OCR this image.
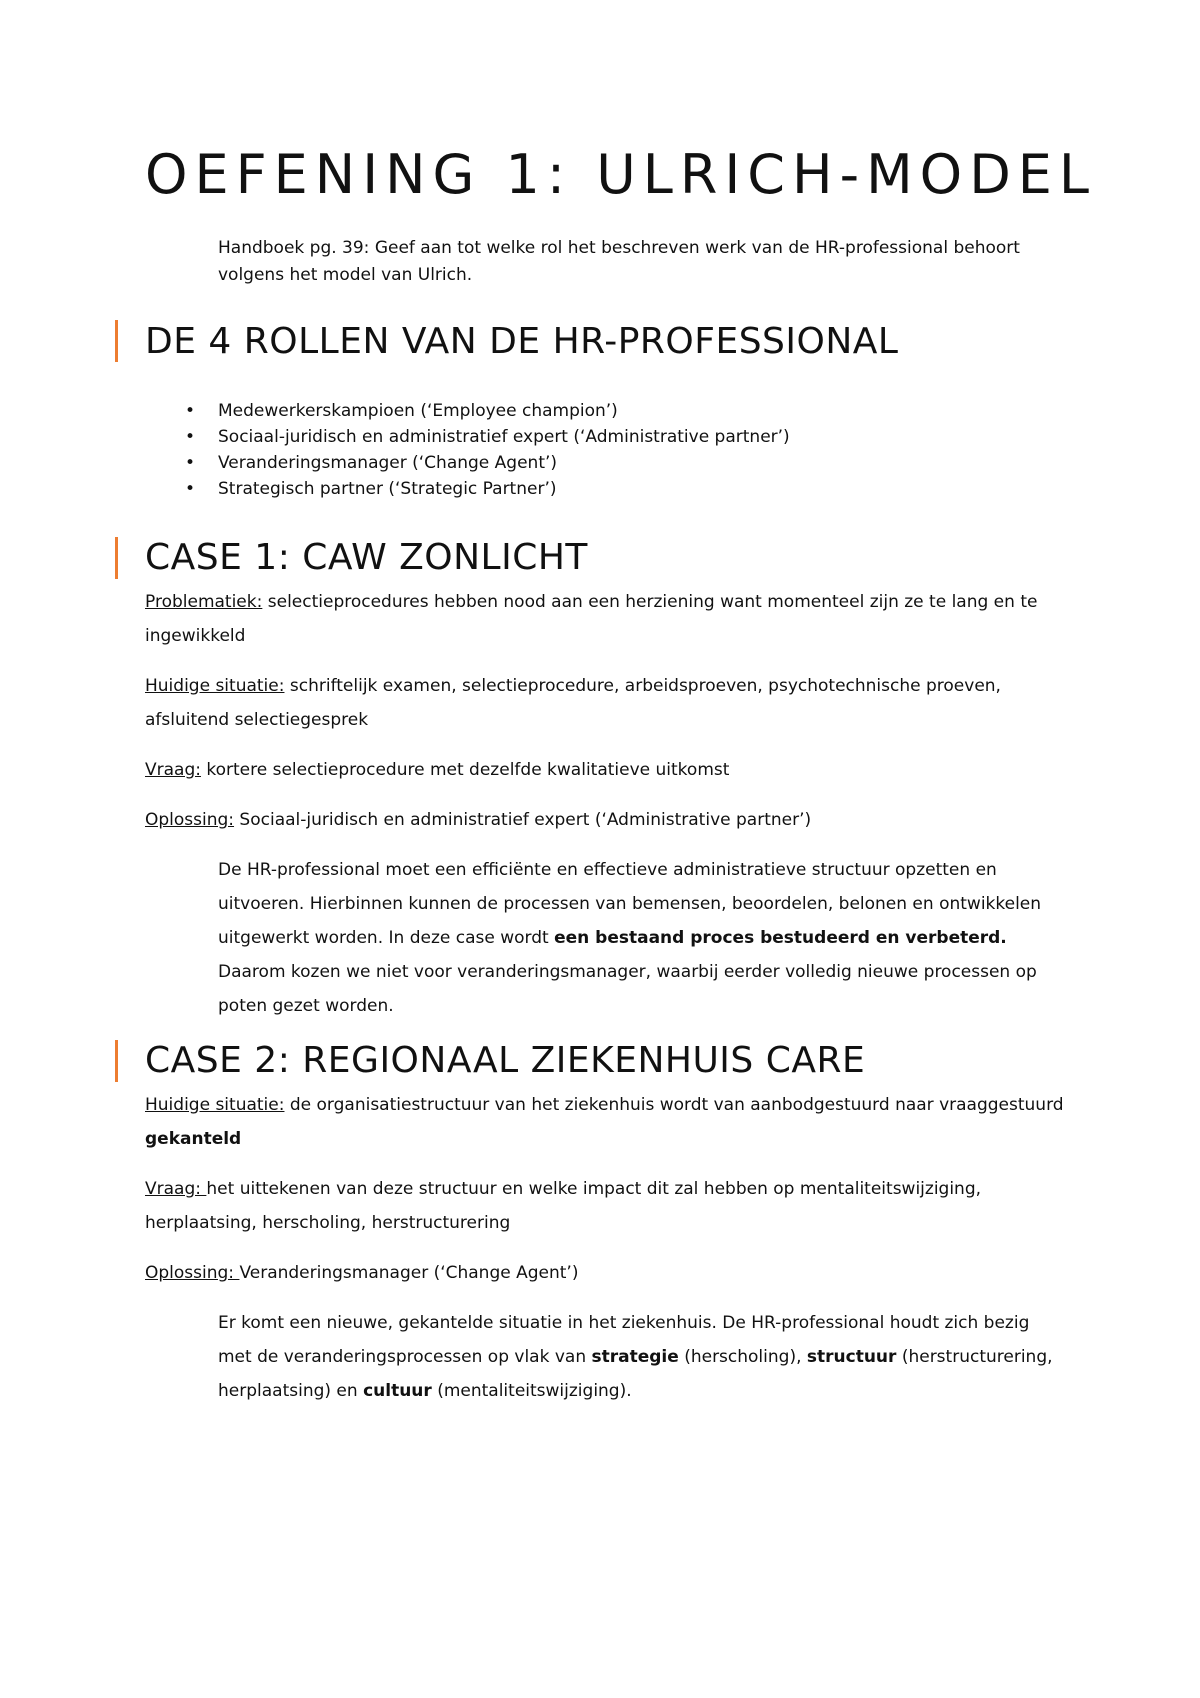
OEFENING 1: ULRICH-MODEL
Handboek pg. 39: Geef aan tot welke rol het beschreven werk van de HR-professional behoort volgens het model van Ulrich.
DE 4 ROLLEN VAN DE HR-PROFESSIONAL
• Medewerkerskampioen (‘Employee champion’)
• Sociaal-juridisch en administratief expert (‘Administrative partner’)
• Veranderingsmanager (‘Change Agent’)
• Strategisch partner (‘Strategic Partner’)
CASE 1: CAW ZONLICHT
Problematiek: selectieprocedures hebben nood aan een herziening want momenteel zijn ze te lang en te ingewikkeld
Huidige situatie: schriftelijk examen, selectieprocedure, arbeidsproeven, psychotechnische proeven, afsluitend selectiegesprek
Vraag: kortere selectieprocedure met dezelfde kwalitatieve uitkomst
Oplossing: Sociaal-juridisch en administratief expert (‘Administrative partner’)
De HR-professional moet een efficiënte en effectieve administratieve structuur opzetten en uitvoeren. Hierbinnen kunnen de processen van bemensen, beoordelen, belonen en ontwikkelen uitgewerkt worden. In deze case wordt een bestaand proces bestudeerd en verbeterd. Daarom kozen we niet voor veranderingsmanager, waarbij eerder volledig nieuwe processen op poten gezet worden.
CASE 2: REGIONAAL ZIEKENHUIS CARE
Huidige situatie: de organisatiestructuur van het ziekenhuis wordt van aanbodgestuurd naar vraaggestuurd gekanteld
Vraag: het uittekenen van deze structuur en welke impact dit zal hebben op mentaliteitswijziging, herplaatsing, herscholing, herstructurering
Oplossing: Veranderingsmanager (‘Change Agent’)
Er komt een nieuwe, gekantelde situatie in het ziekenhuis. De HR-professional houdt zich bezig met de veranderingsprocessen op vlak van strategie (herscholing), structuur (herstructurering, herplaatsing) en cultuur (mentaliteitswijziging).
